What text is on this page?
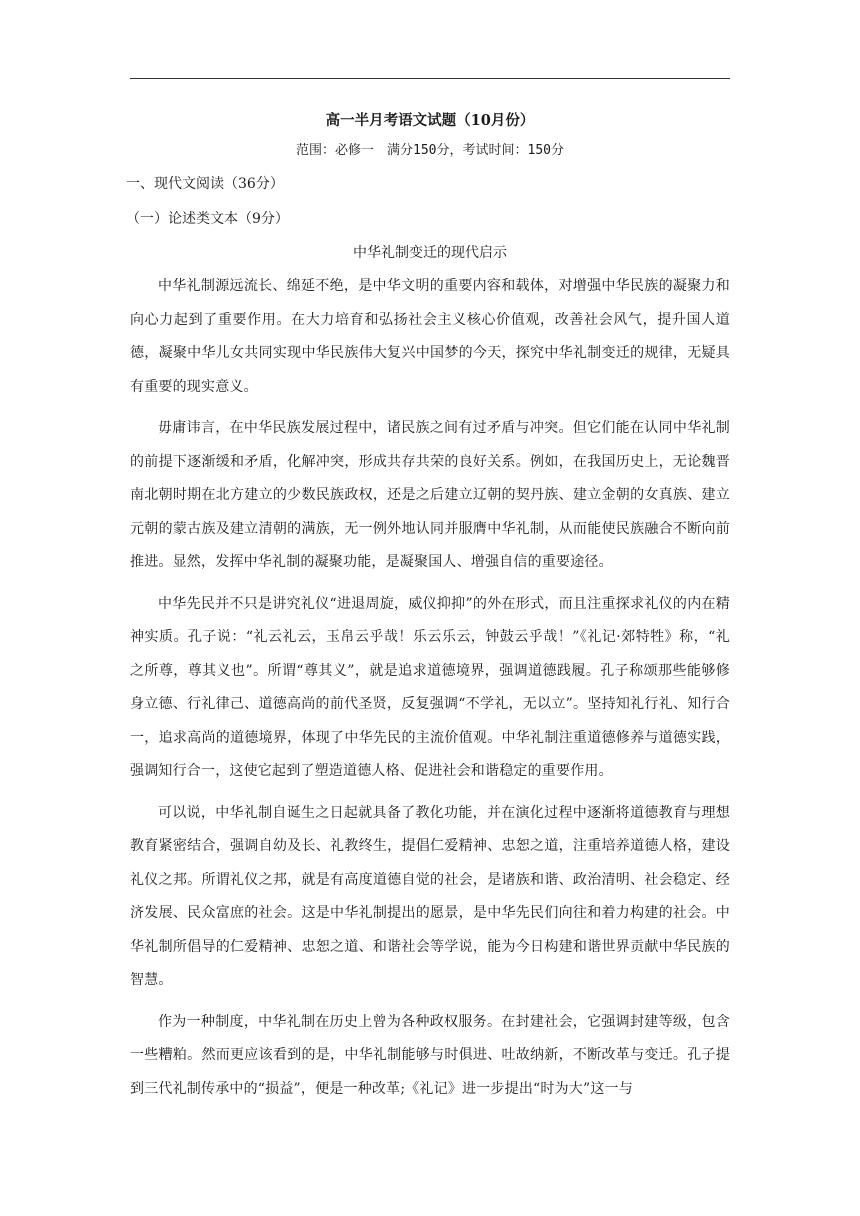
高一半月考语文试题（10月份）

范围：必修一　满分150分，考试时间：150分

一、现代文阅读（36分）

（一）论述类文本（9分）

中华礼制变迁的现代启示

中华礼制源远流长、绵延不绝，是中华文明的重要内容和载体，对增强中华民族的凝聚力和向心力起到了重要作用。在大力培育和弘扬社会主义核心价值观，改善社会风气，提升国人道德，凝聚中华儿女共同实现中华民族伟大复兴中国梦的今天，探究中华礼制变迁的规律，无疑具有重要的现实意义。

毋庸讳言，在中华民族发展过程中，诸民族之间有过矛盾与冲突。但它们能在认同中华礼制的前提下逐渐缓和矛盾，化解冲突，形成共存共荣的良好关系。例如，在我国历史上，无论魏晋南北朝时期在北方建立的少数民族政权，还是之后建立辽朝的契丹族、建立金朝的女真族、建立元朝的蒙古族及建立清朝的满族，无一例外地认同并服膺中华礼制，从而能使民族融合不断向前推进。显然，发挥中华礼制的凝聚功能，是凝聚国人、增强自信的重要途径。

中华先民并不只是讲究礼仪“进退周旋，威仪抑抑”的外在形式，而且注重探求礼仪的内在精神实质。孔子说：“礼云礼云，玉帛云乎哉！乐云乐云，钟鼓云乎哉！”《礼记·郊特牲》称，“礼之所尊，尊其义也”。所谓“尊其义”，就是追求道德境界，强调道德践履。孔子称颂那些能够修身立德、行礼律己、道德高尚的前代圣贤，反复强调“不学礼，无以立”。坚持知礼行礼、知行合一，追求高尚的道德境界，体现了中华先民的主流价值观。中华礼制注重道德修养与道德实践，强调知行合一，这使它起到了塑造道德人格、促进社会和谐稳定的重要作用。

可以说，中华礼制自诞生之日起就具备了教化功能，并在演化过程中逐渐将道德教育与理想教育紧密结合，强调自幼及长、礼教终生，提倡仁爱精神、忠恕之道，注重培养道德人格，建设礼仪之邦。所谓礼仪之邦，就是有高度道德自觉的社会，是诸族和谐、政治清明、社会稳定、经济发展、民众富庶的社会。这是中华礼制提出的愿景，是中华先民们向往和着力构建的社会。中华礼制所倡导的仁爱精神、忠恕之道、和谐社会等学说，能为今日构建和谐世界贡献中华民族的智慧。

作为一种制度，中华礼制在历史上曾为各种政权服务。在封建社会，它强调封建等级，包含一些糟粕。然而更应该看到的是，中华礼制能够与时俱进、吐故纳新，不断改革与变迁。孔子提到三代礼制传承中的“损益”，便是一种改革;《礼记》进一步提出“时为大”这一与
